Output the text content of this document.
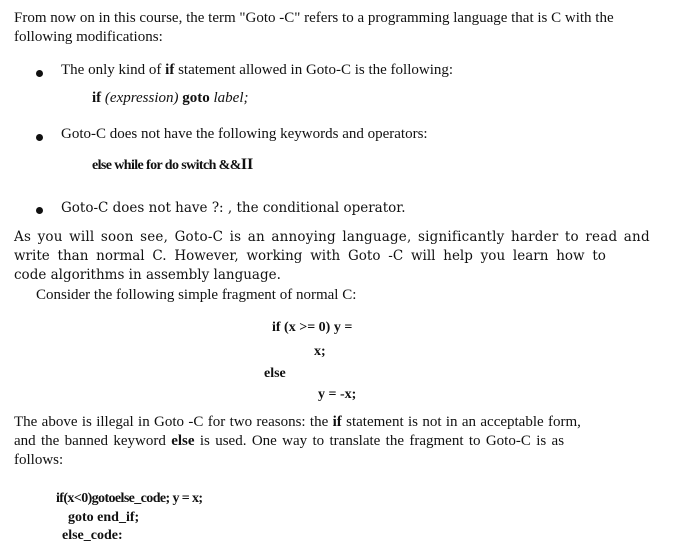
From now on in this course, the term "Goto -C" refers to a programming language that is C with the following modifications:
The only kind of if statement allowed in Goto-C is the following:
if (expression) goto label;
Goto-C does not have the following keywords and operators:
else while for do switch &&II
Goto-C does not have ?: , the conditional operator.
As you will soon see, Goto-C is an annoying language, significantly harder to read and
write than normal C. However, working with Goto -C will help you learn how to
code algorithms in assembly language.
Consider the following simple fragment of normal C:
if (x >= 0) y =
x;
else
y = -x;
The above is illegal in Goto -C for two reasons: the if statement is not in an acceptable form,
and the banned keyword else is used. One way to translate the fragment to Goto-C is as
follows:
if(x<0)gotoelse_code; y = x;
goto end_if;
else_code:
